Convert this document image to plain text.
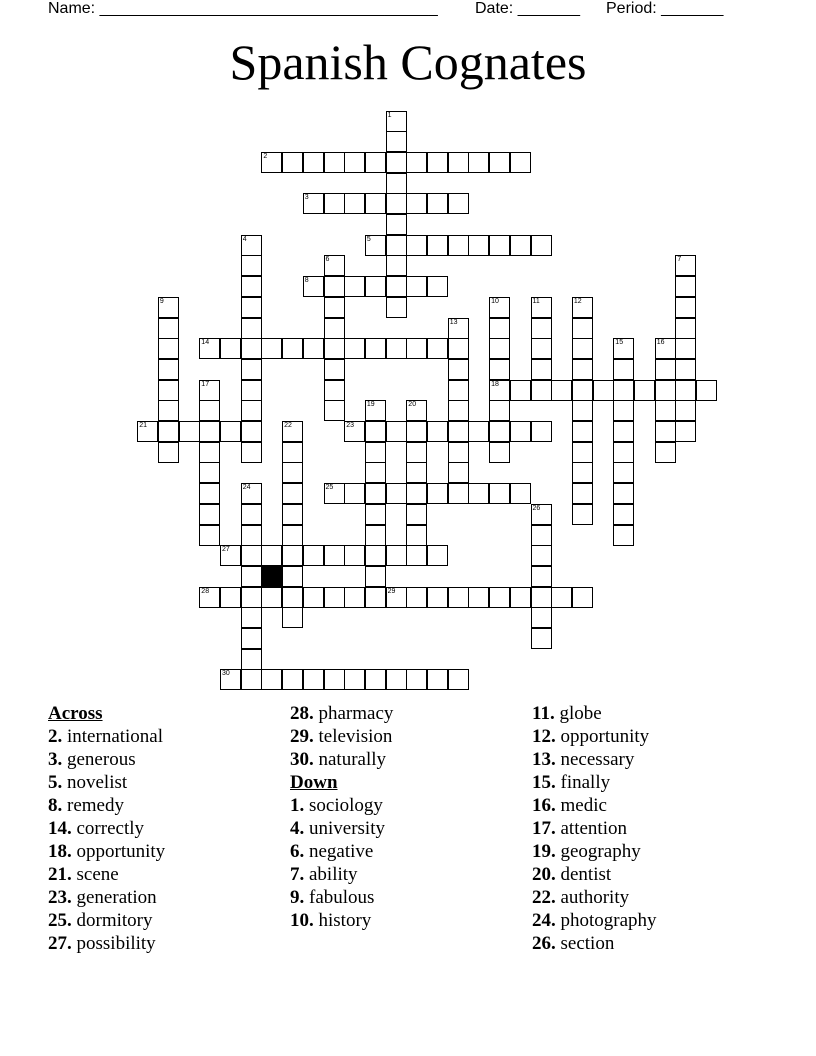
Name: ______________________________________ Date: _______ Period: _______
Spanish Cognates
1
2
3
4	5
6	7
8
9	10	11	12
13
14	15	16
17	18
19	20
21	22	23
24	25
26
27
28	29
30
Across
2. international
3. generous
5. novelist
8. remedy
14. correctly
18. opportunity
21. scene
23. generation
25. dormitory
27. possibility
28. pharmacy
29. television
30. naturally
Down
1. sociology
4. university
6. negative
7. ability
9. fabulous
10. history
11. globe
12. opportunity
13. necessary
15. finally
16. medic
17. attention
19. geography
20. dentist
22. authority
24. photography
26. section
